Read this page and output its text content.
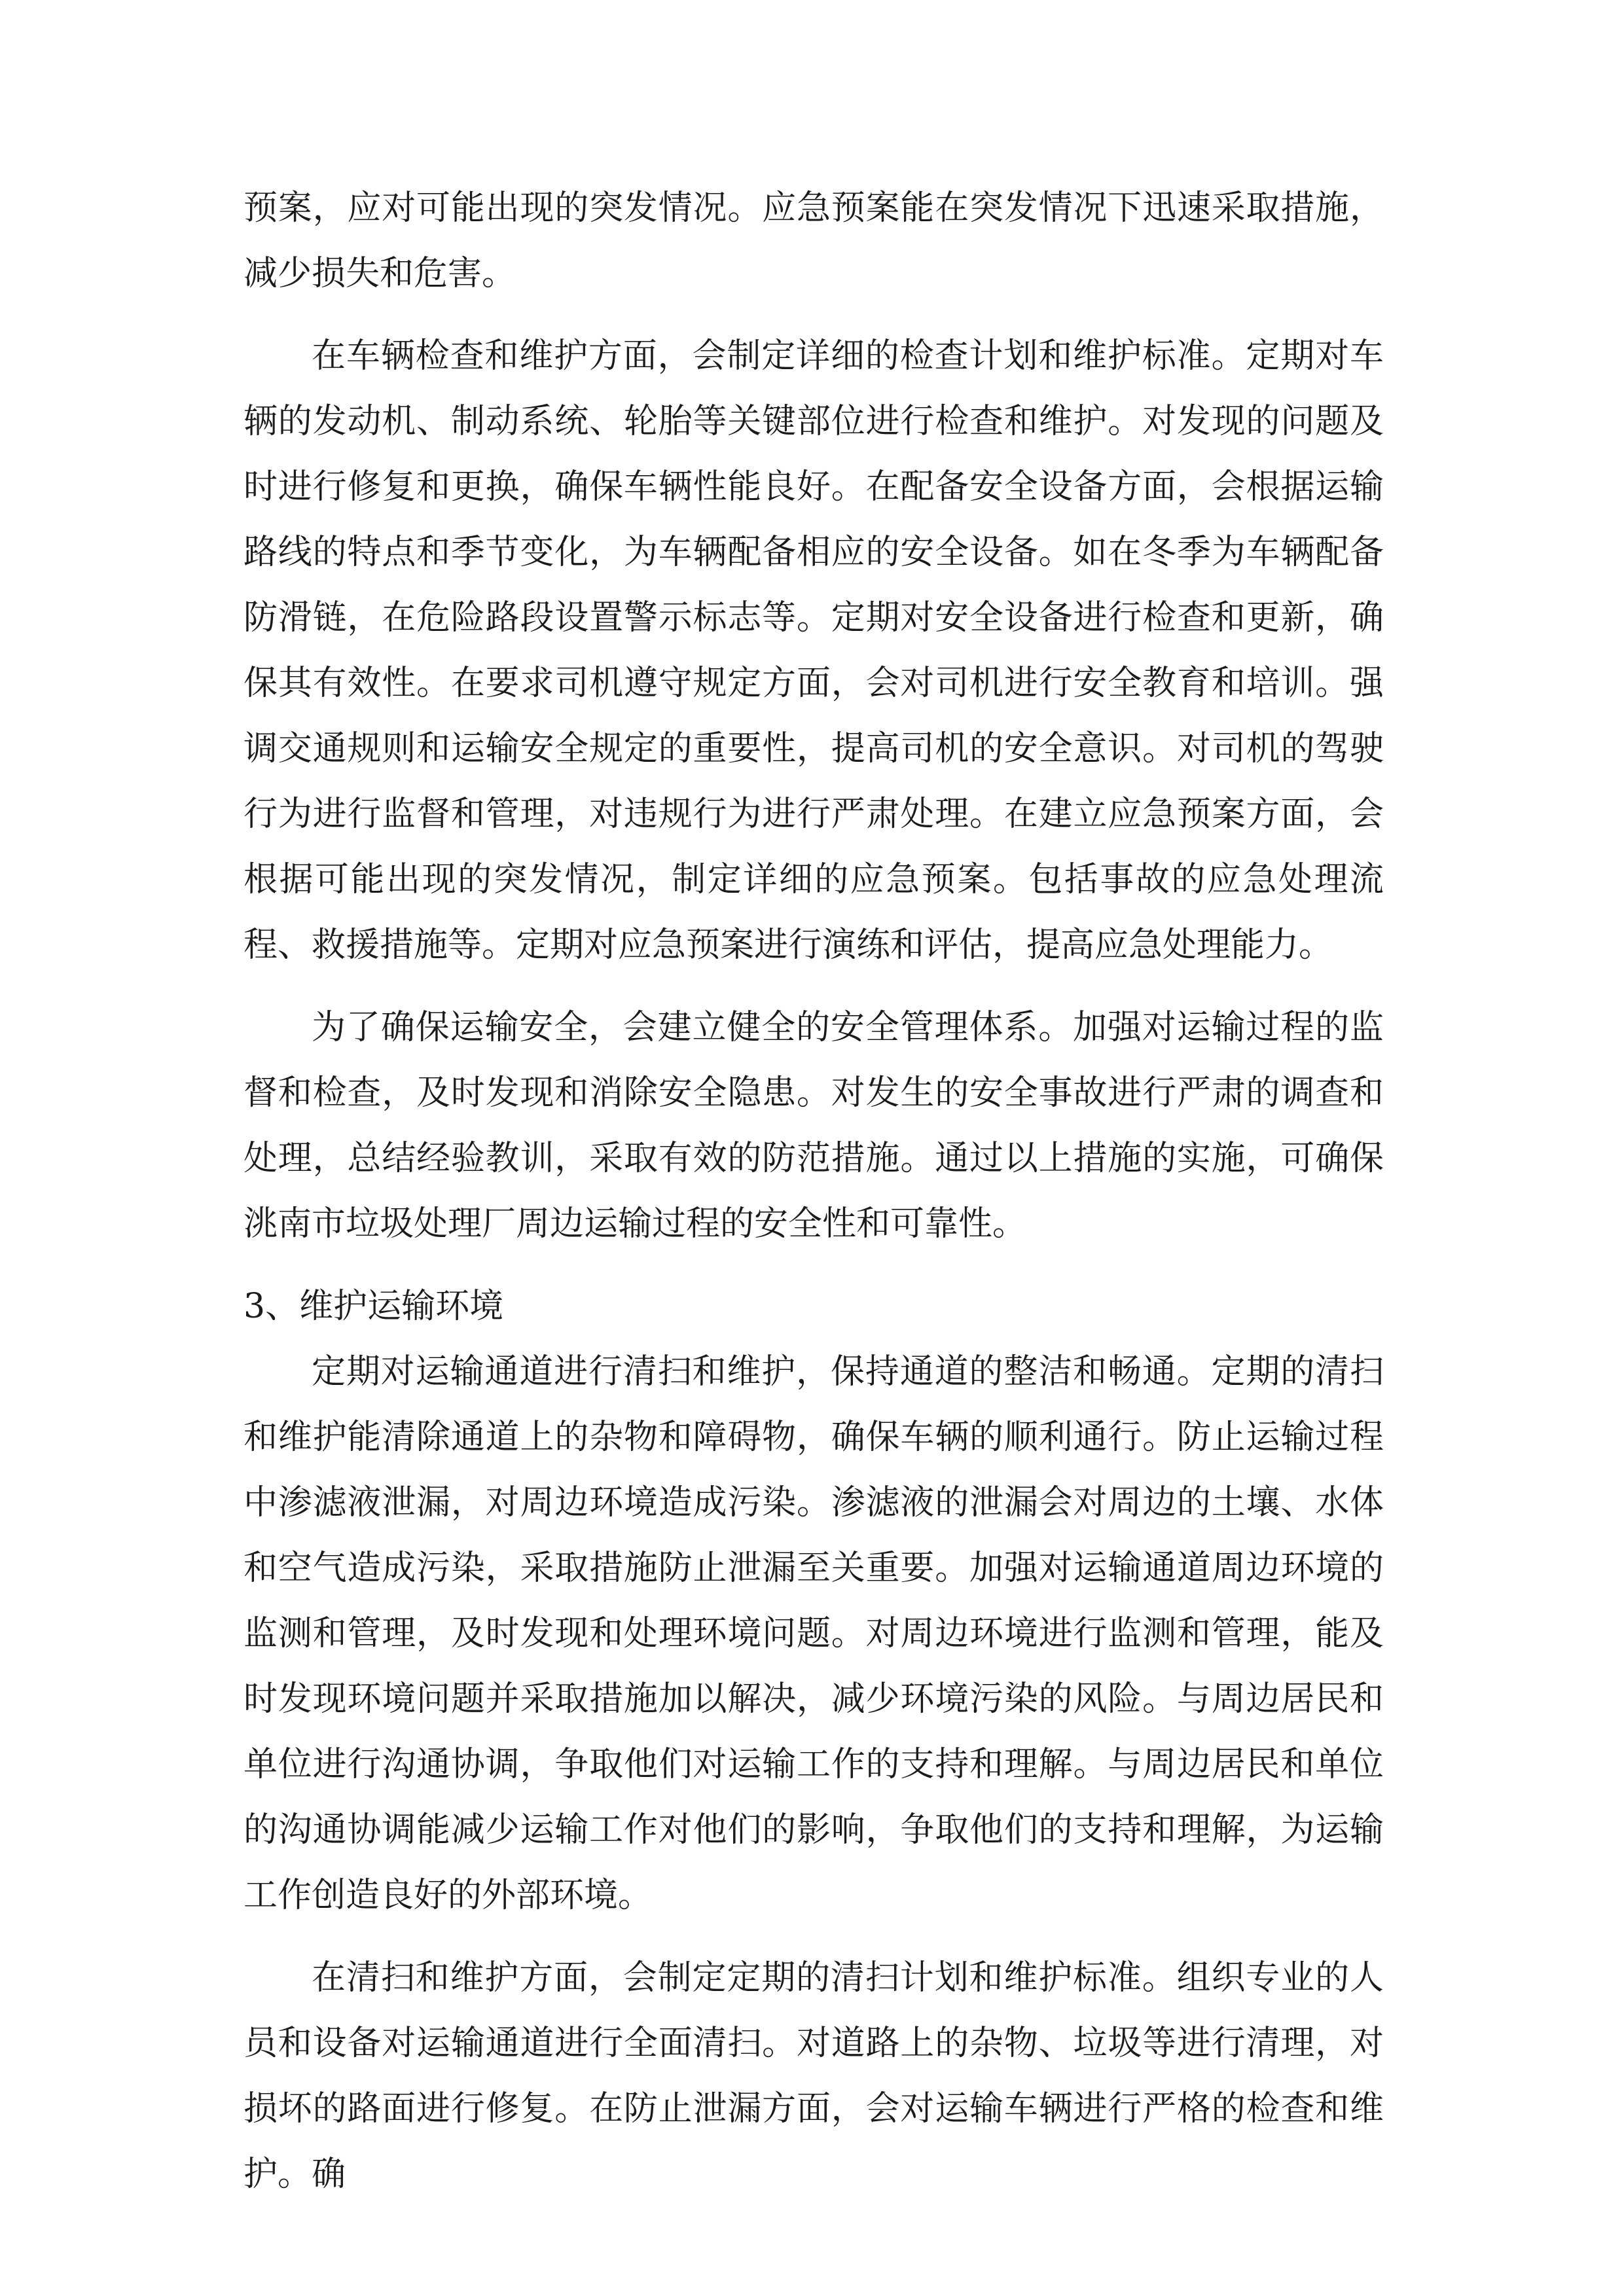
预案，应对可能出现的突发情况。应急预案能在突发情况下迅速采取措施，减少损失和危害。

在车辆检查和维护方面，会制定详细的检查计划和维护标准。定期对车辆的发动机、制动系统、轮胎等关键部位进行检查和维护。对发现的问题及时进行修复和更换，确保车辆性能良好。在配备安全设备方面，会根据运输路线的特点和季节变化，为车辆配备相应的安全设备。如在冬季为车辆配备防滑链，在危险路段设置警示标志等。定期对安全设备进行检查和更新，确保其有效性。在要求司机遵守规定方面，会对司机进行安全教育和培训。强调交通规则和运输安全规定的重要性，提高司机的安全意识。对司机的驾驶行为进行监督和管理，对违规行为进行严肃处理。在建立应急预案方面，会根据可能出现的突发情况，制定详细的应急预案。包括事故的应急处理流程、救援措施等。定期对应急预案进行演练和评估，提高应急处理能力。

为了确保运输安全，会建立健全的安全管理体系。加强对运输过程的监督和检查，及时发现和消除安全隐患。对发生的安全事故进行严肃的调查和处理，总结经验教训，采取有效的防范措施。通过以上措施的实施，可确保洮南市垃圾处理厂周边运输过程的安全性和可靠性。

3、维护运输环境

定期对运输通道进行清扫和维护，保持通道的整洁和畅通。定期的清扫和维护能清除通道上的杂物和障碍物，确保车辆的顺利通行。防止运输过程中渗滤液泄漏，对周边环境造成污染。渗滤液的泄漏会对周边的土壤、水体和空气造成污染，采取措施防止泄漏至关重要。加强对运输通道周边环境的监测和管理，及时发现和处理环境问题。对周边环境进行监测和管理，能及时发现环境问题并采取措施加以解决，减少环境污染的风险。与周边居民和单位进行沟通协调，争取他们对运输工作的支持和理解。与周边居民和单位的沟通协调能减少运输工作对他们的影响，争取他们的支持和理解，为运输工作创造良好的外部环境。

在清扫和维护方面，会制定定期的清扫计划和维护标准。组织专业的人员和设备对运输通道进行全面清扫。对道路上的杂物、垃圾等进行清理，对损坏的路面进行修复。在防止泄漏方面，会对运输车辆进行严格的检查和维护。确
